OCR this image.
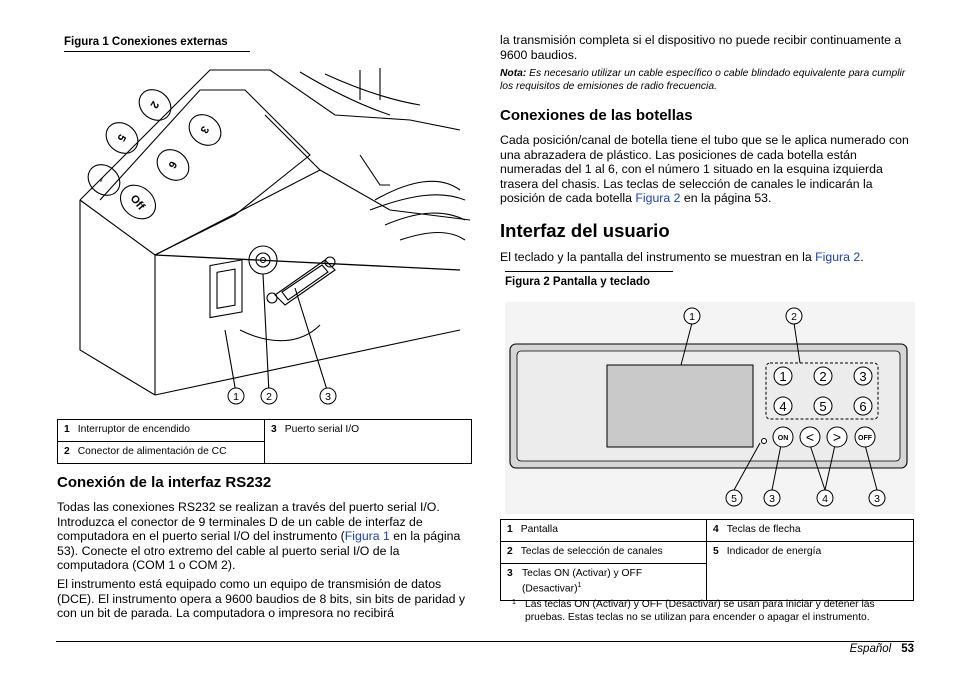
Figura 1 Conexiones externas
2
5
3
6
→
Off
1	2	3
1 Interruptor de encendido	3 Puerto serial I/O
2 Conector de alimentación de CC
Conexión de la interfaz RS232
Todas las conexiones RS232 se realizan a través del puerto serial I/O. Introduzca el conector de 9 terminales D de un cable de interfaz de computadora en el puerto serial I/O del instrumento (Figura 1 en la página 53). Conecte el otro extremo del cable al puerto serial I/O de la computadora (COM 1 o COM 2).
El instrumento está equipado como un equipo de transmisión de datos (DCE). El instrumento opera a 9600 baudios de 8 bits, sin bits de paridad y con un bit de parada. La computadora o impresora no recibirá
la transmisión completa si el dispositivo no puede recibir continuamente a 9600 baudios.
Nota: Es necesario utilizar un cable específico o cable blindado equivalente para cumplir los requisitos de emisiones de radio frecuencia.
Conexiones de las botellas
Cada posición/canal de botella tiene el tubo que se le aplica numerado con una abrazadera de plástico. Las posiciones de cada botella están numeradas del 1 al 6, con el número 1 situado en la esquina izquierda trasera del chasis. Las teclas de selección de canales le indicarán la posición de cada botella Figura 2 en la página 53.
Interfaz del usuario
El teclado y la pantalla del instrumento se muestran en la Figura 2.
Figura 2 Pantalla y teclado
1	2	3
4	5	6
< >
ON	OFF
1	2
5	3	4	3
1 Pantalla	4 Teclas de flecha
2 Teclas de selección de canales	5 Indicador de energía

3 Teclas ON (Activar) y OFF (Desactivar)$^1$
1 Las teclas ON (Activar) y OFF (Desactivar) se usan para iniciar y detener las pruebas. Estas teclas no se utilizan para encender o apagar el instrumento.
Español 53
